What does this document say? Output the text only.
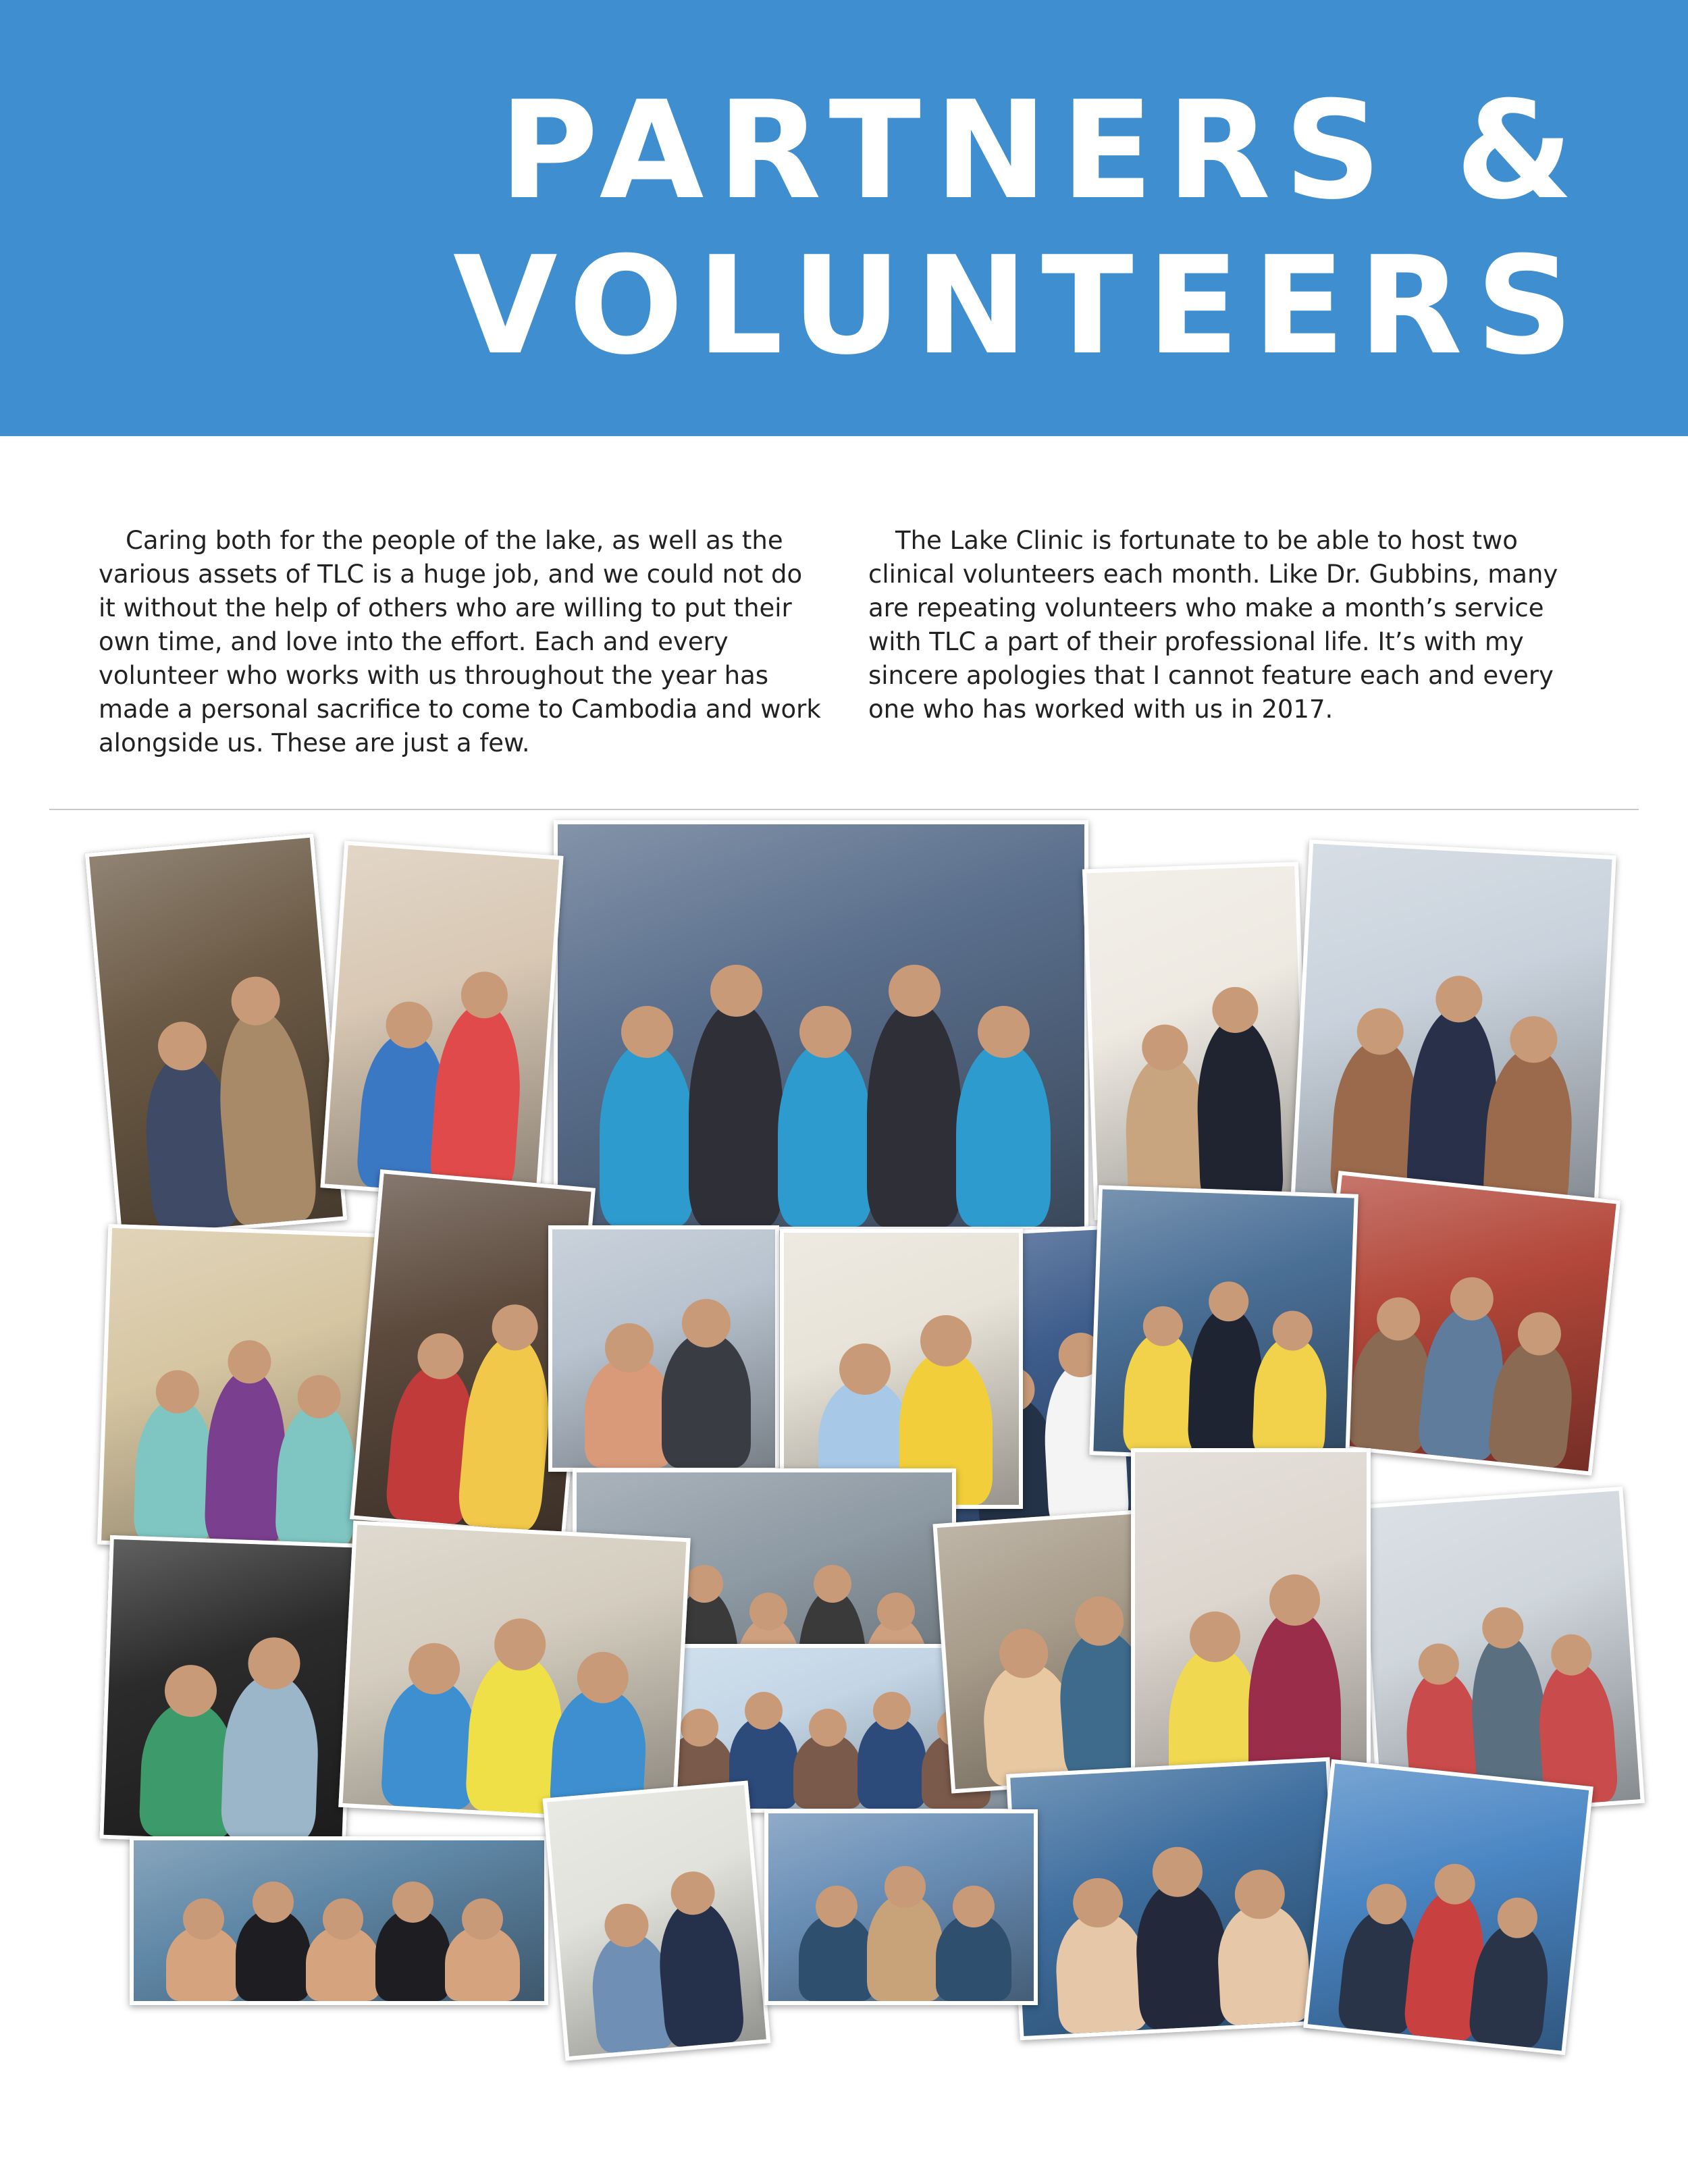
PARTNERS &
VOLUNTEERS

Caring both for the people of the lake, as well as the various assets of TLC is a huge job, and we could not do it without the help of others who are willing to put their own time, and love into the effort. Each and every volunteer who works with us throughout the year has made a personal sacrifice to come to Cambodia and work alongside us. These are just a few.

The Lake Clinic is fortunate to be able to host two clinical volunteers each month. Like Dr. Gubbins, many are repeating volunteers who make a month’s service with TLC a part of their professional life. It’s with my sincere apologies that I cannot feature each and every one who has worked with us in 2017.
